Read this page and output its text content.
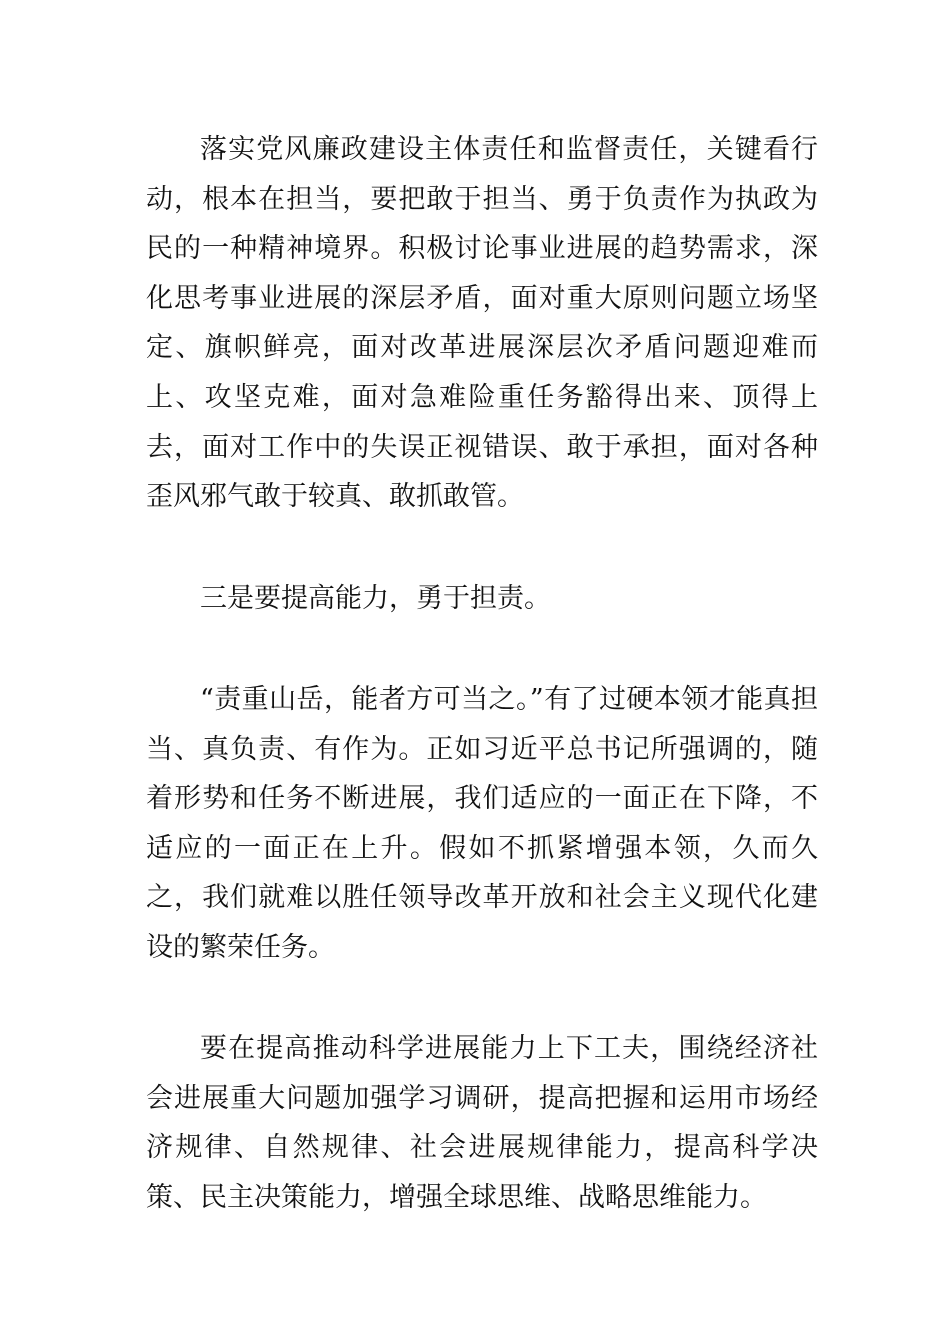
落实党风廉政建设主体责任和监督责任，关键看行动，根本在担当，要把敢于担当、勇于负责作为执政为民的一种精神境界。积极讨论事业进展的趋势需求，深化思考事业进展的深层矛盾，面对重大原则问题立场坚定、旗帜鲜亮，面对改革进展深层次矛盾问题迎难而上、攻坚克难，面对急难险重任务豁得出来、顶得上去，面对工作中的失误正视错误、敢于承担，面对各种歪风邪气敢于较真、敢抓敢管。

三是要提高能力，勇于担责。

“责重山岳，能者方可当之。”有了过硬本领才能真担当、真负责、有作为。正如习近平总书记所强调的，随着形势和任务不断进展，我们适应的一面正在下降，不适应的一面正在上升。假如不抓紧增强本领，久而久之，我们就难以胜任领导改革开放和社会主义现代化建设的繁荣任务。

要在提高推动科学进展能力上下工夫，围绕经济社会进展重大问题加强学习调研，提高把握和运用市场经济规律、自然规律、社会进展规律能力，提高科学决策、民主决策能力，增强全球思维、战略思维能力。
